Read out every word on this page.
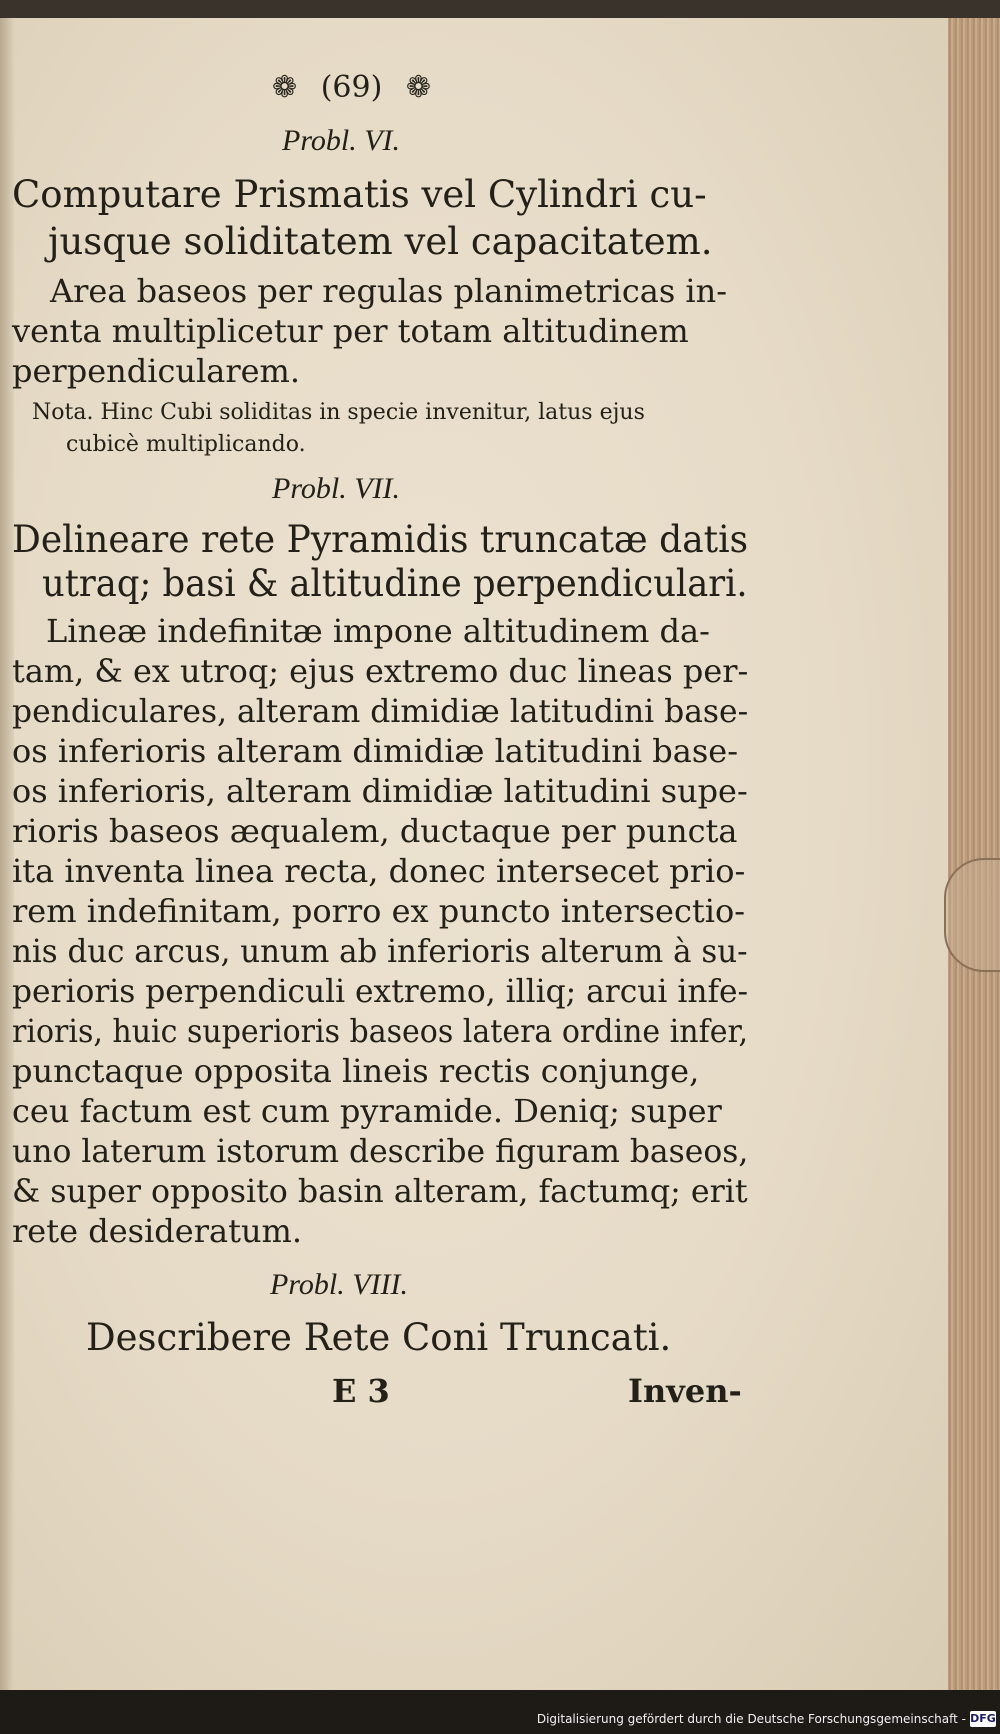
❁ (69) ❁
Probl. VI.
Computare Prismatis vel Cylindri cu-
jusque soliditatem vel capacitatem.
Area baseos per regulas planimetricas in-
venta multiplicetur per totam altitudinem
perpendicularem.
Nota. Hinc Cubi soliditas in specie invenitur, latus ejus
cubicè multiplicando.
Probl. VII.
Delineare rete Pyramidis truncatæ datis
utraq; basi & altitudine perpendiculari.
Lineæ indefinitæ impone altitudinem da-
tam, & ex utroq; ejus extremo duc lineas per-
pendiculares, alteram dimidiæ latitudini base-
os inferioris alteram dimidiæ latitudini base-
os inferioris, alteram dimidiæ latitudini supe-
rioris baseos æqualem, ductaque per puncta
ita inventa linea recta, donec intersecet prio-
rem indefinitam, porro ex puncto intersectio-
nis duc arcus, unum ab inferioris alterum à su-
perioris perpendiculi extremo, illiq; arcui infe-
rioris, huic superioris baseos latera ordine infer,
punctaque opposita lineis rectis conjunge,
ceu factum est cum pyramide. Deniq; super
uno laterum istorum describe figuram baseos,
& super opposito basin alteram, factumq; erit
rete desideratum.
Probl. VIII.
Describere Rete Coni Truncati.
E 3	Inven-
Digitalisierung gefördert durch die Deutsche Forschungsgemeinschaft - DFG
